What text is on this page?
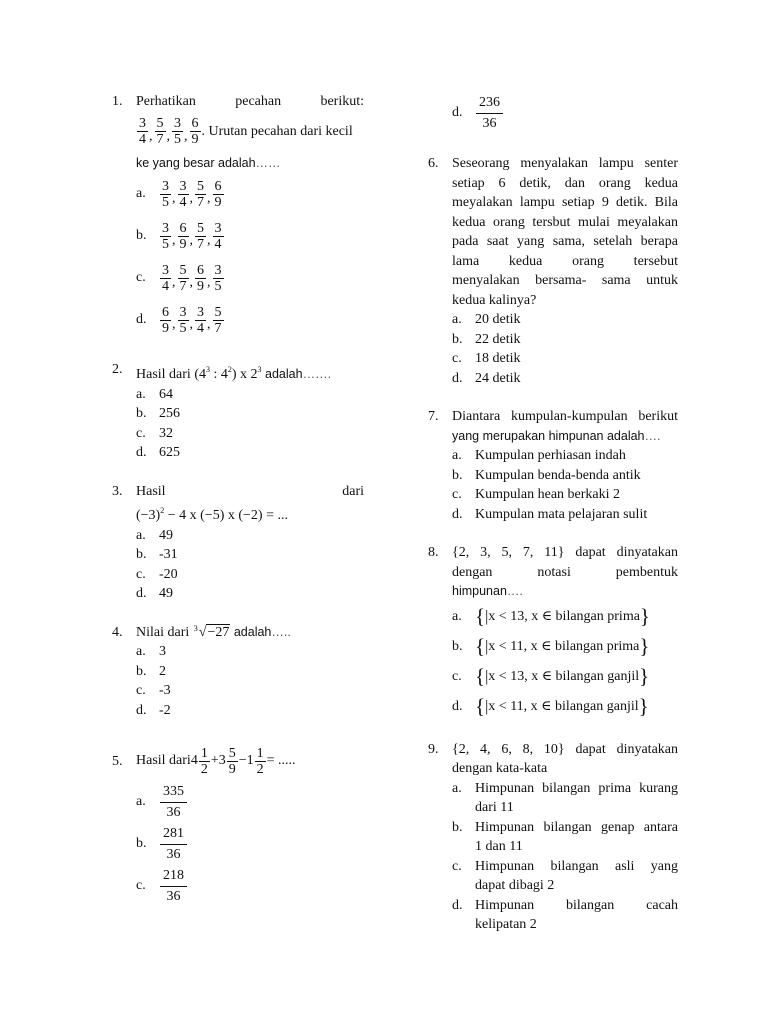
1. Perhatikan	pecahan	berikut:
$\frac{3}{4}$ , $\frac{5}{7}$ , $\frac{3}{5}$ , $\frac{6}{9}$ . Urutan pecahan dari kecil
ke yang besar adalah……
a.	$\frac{3}{5}$ , $\frac{3}{4}$ , $\frac{5}{7}$ , $\frac{6}{9}$
b. $\frac{3}{5}$ , $\frac{6}{9}$ , $\frac{5}{7}$ , $\frac{3}{4}$
c.	$\frac{3}{4}$ , $\frac{5}{7}$ , $\frac{6}{9}$ , $\frac{3}{5}$
d. $\frac{6}{9}$ , $\frac{3}{5}$ , $\frac{3}{4}$ , $\frac{5}{7}$
2. Hasil dari ($4^3$ : $4^2$) x $2^3$ adalah…….
a. 64
b. 256
c. 32
d. 625
3. Hasil	dari
$(-3)^2 - 4$ x (−5) x (−2) = ...
a. 49
b. -31
c. -20
d. 49
4. Nilai dari 3 √−27 adalah…..
a. 3
b. 2
c. -3
d. -2
5. Hasil dari $4 \frac{1}{2} + 3 \frac{5}{9} - 1 \frac{1}{2}$ = .....
a.	$\frac{335}{36}$
b. $\frac{281}{36}$
c.	$\frac{218}{36}$
d. $\frac{236}{36}$
6. Seseorang menyalakan lampu senter
setiap 6 detik, dan orang kedua
meyalakan lampu setiap 9 detik. Bila
kedua orang tersbut mulai meyalakan
pada saat yang sama, setelah berapa
lama kedua orang tersebut
menyalakan bersama- sama untuk
kedua kalinya?
a. 20 detik
b. 22 detik
c. 18 detik
d. 24 detik
7. Diantara kumpulan-kumpulan berikut
yang merupakan himpunan adalah….
a. Kumpulan perhiasan indah
b. Kumpulan benda-benda antik
c. Kumpulan hean berkaki 2
d. Kumpulan mata pelajaran sulit
8. {2, 3, 5, 7, 11} dapat dinyatakan
dengan notasi pembentuk
himpunan….
a. { | x < 13, x ∈ bilangan prima }
b. { | x < 11, x ∈ bilangan prima }
c. { | x < 13, x ∈ bilangan ganjil }
d. { | x < 11, x ∈ bilangan ganjil }
9. {2, 4, 6, 8, 10} dapat dinyatakan
dengan kata-kata
a. Himpunan bilangan prima kurang
dari 11
b. Himpunan bilangan genap antara
1 dan 11
c. Himpunan bilangan asli yang
dapat dibagi 2
d. Himpunan bilangan cacah
kelipatan 2
